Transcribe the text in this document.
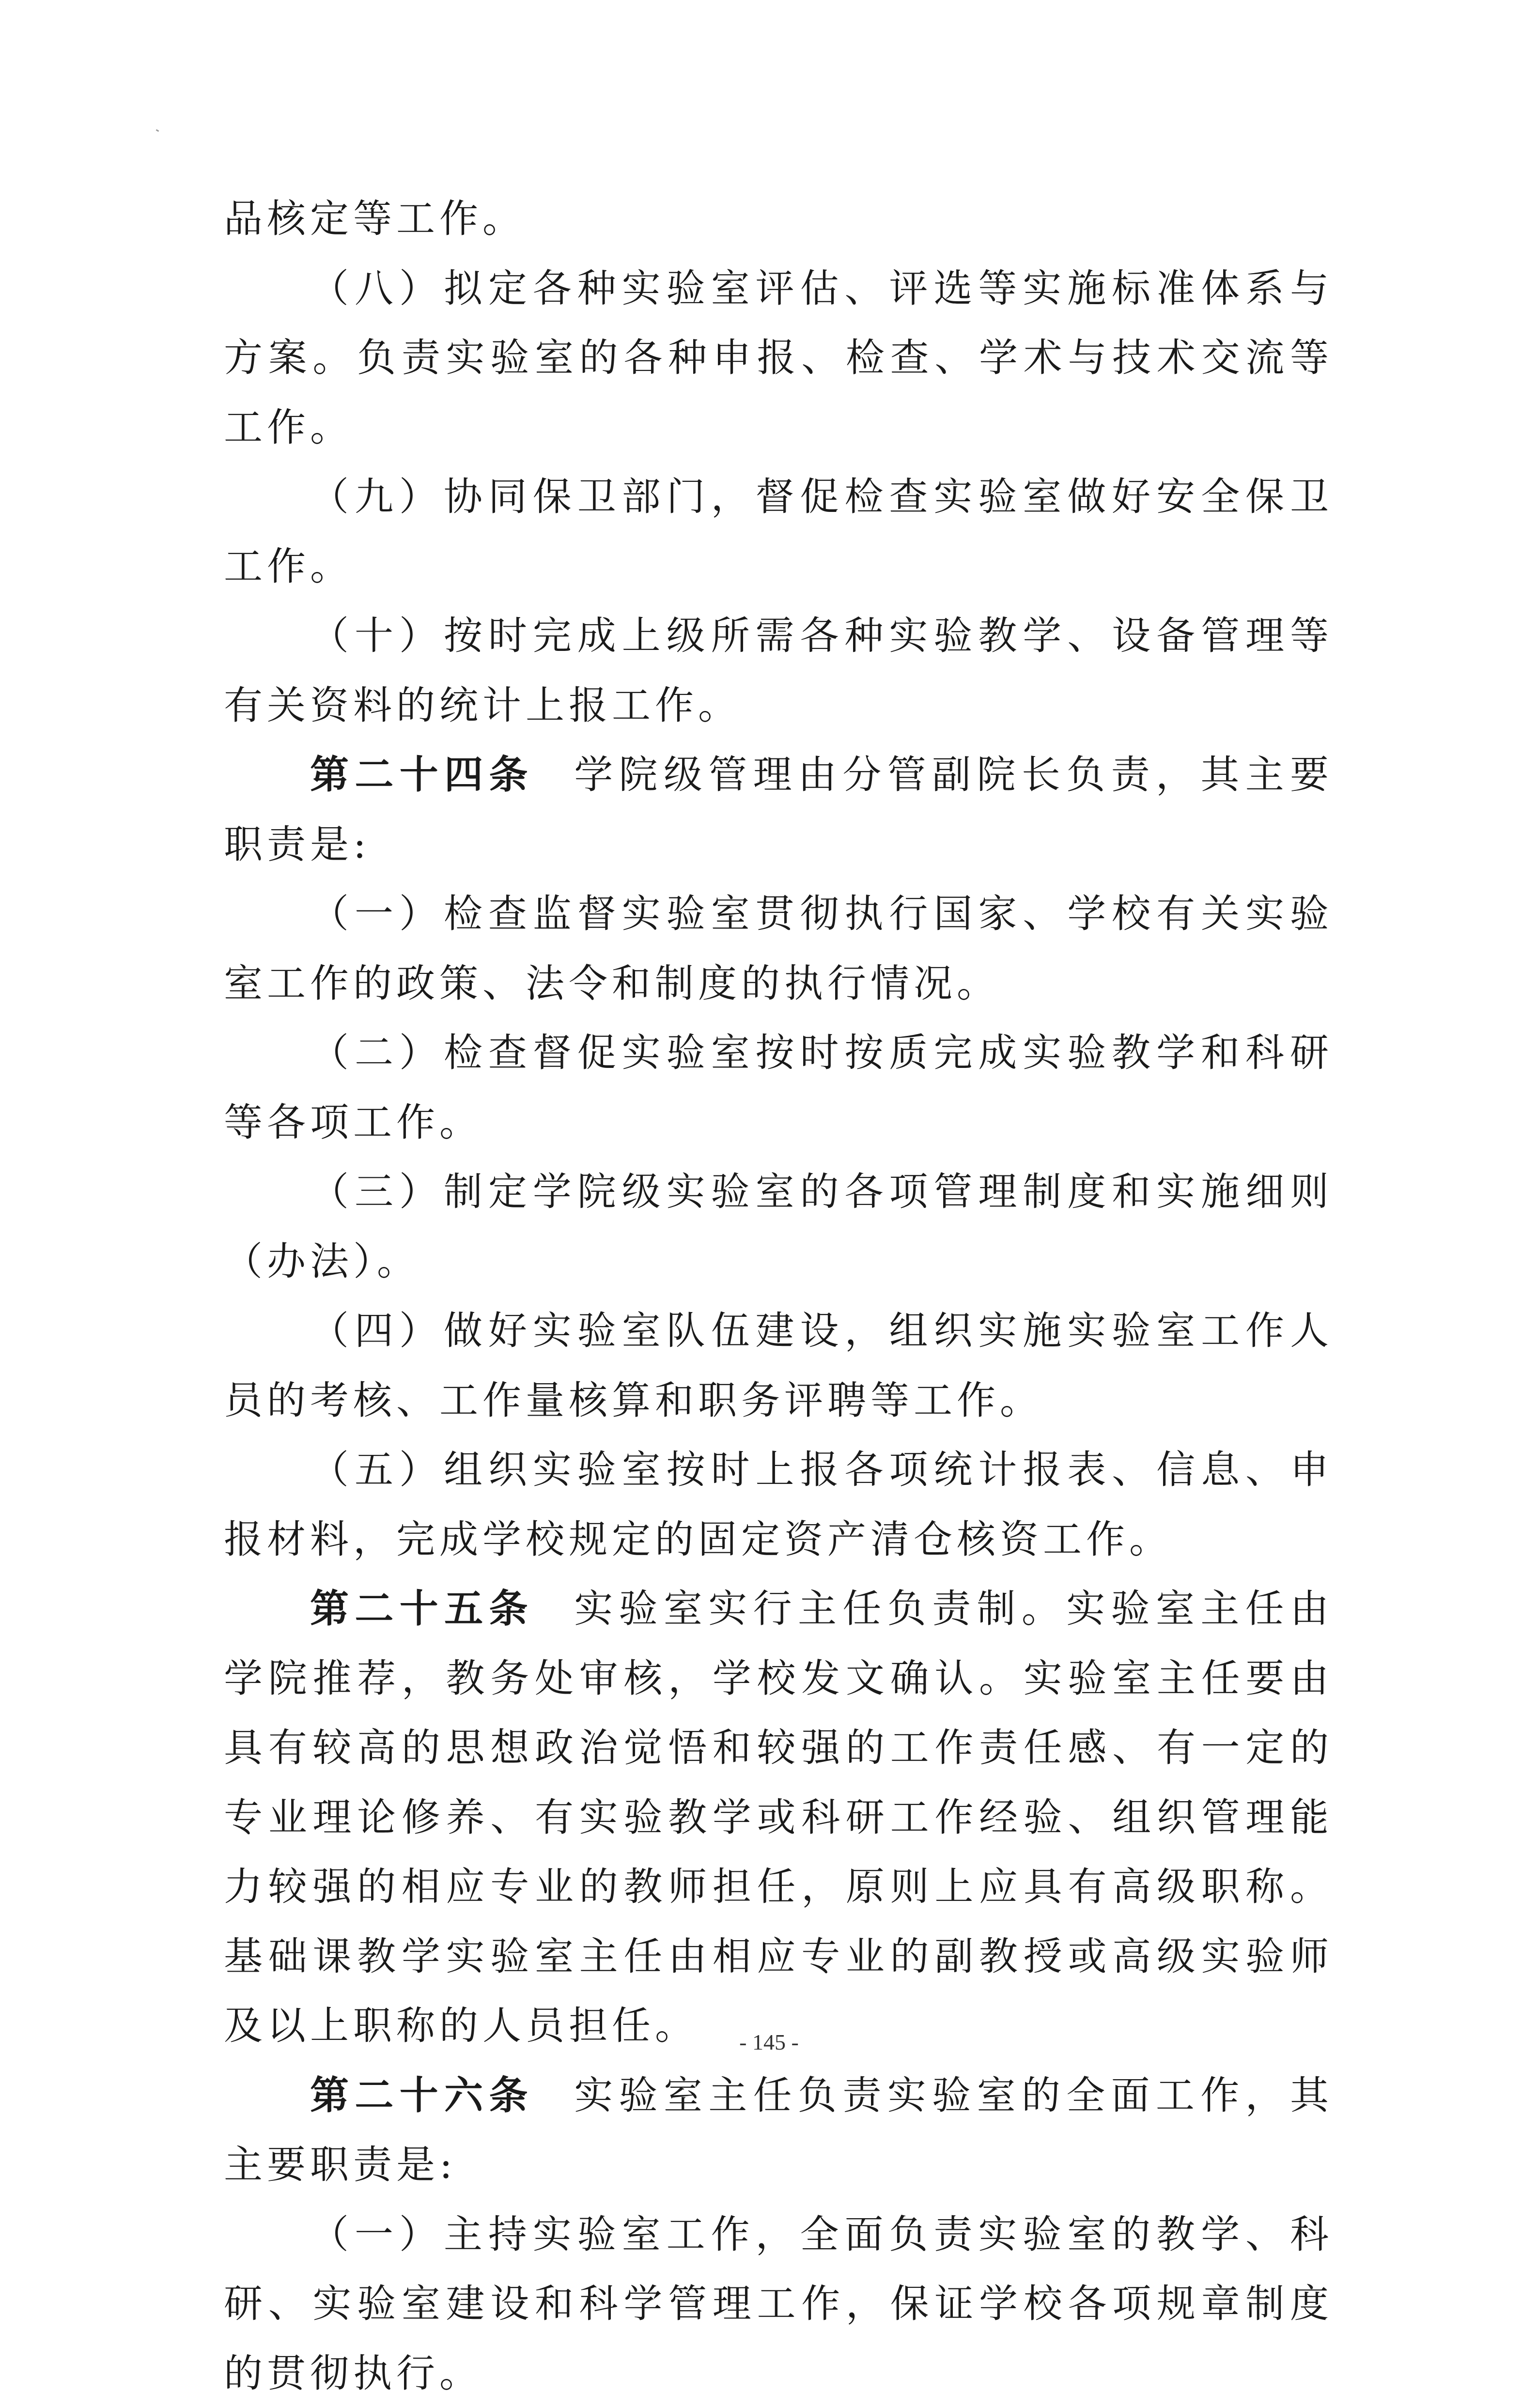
品核定等工作。

（八）拟定各种实验室评估、评选等实施标准体系与方案。负责实验室的各种申报、检查、学术与技术交流等工作。

（九）协同保卫部门，督促检查实验室做好安全保卫工作。

（十）按时完成上级所需各种实验教学、设备管理等有关资料的统计上报工作。

第二十四条 学院级管理由分管副院长负责，其主要职责是:

（一）检查监督实验室贯彻执行国家、学校有关实验室工作的政策、法令和制度的执行情况。

（二）检查督促实验室按时按质完成实验教学和科研等各项工作。

（三）制定学院级实验室的各项管理制度和实施细则（办法）。

（四）做好实验室队伍建设，组织实施实验室工作人员的考核、工作量核算和职务评聘等工作。

（五）组织实验室按时上报各项统计报表、信息、申报材料，完成学校规定的固定资产清仓核资工作。

第二十五条 实验室实行主任负责制。实验室主任由学院推荐，教务处审核，学校发文确认。实验室主任要由具有较高的思想政治觉悟和较强的工作责任感、有一定的专业理论修养、有实验教学或科研工作经验、组织管理能力较强的相应专业的教师担任，原则上应具有高级职称。基础课教学实验室主任由相应专业的副教授或高级实验师及以上职称的人员担任。

第二十六条 实验室主任负责实验室的全面工作，其主要职责是:

（一）主持实验室工作，全面负责实验室的教学、科研、实验室建设和科学管理工作，保证学校各项规章制度的贯彻执行。

- 145 -
